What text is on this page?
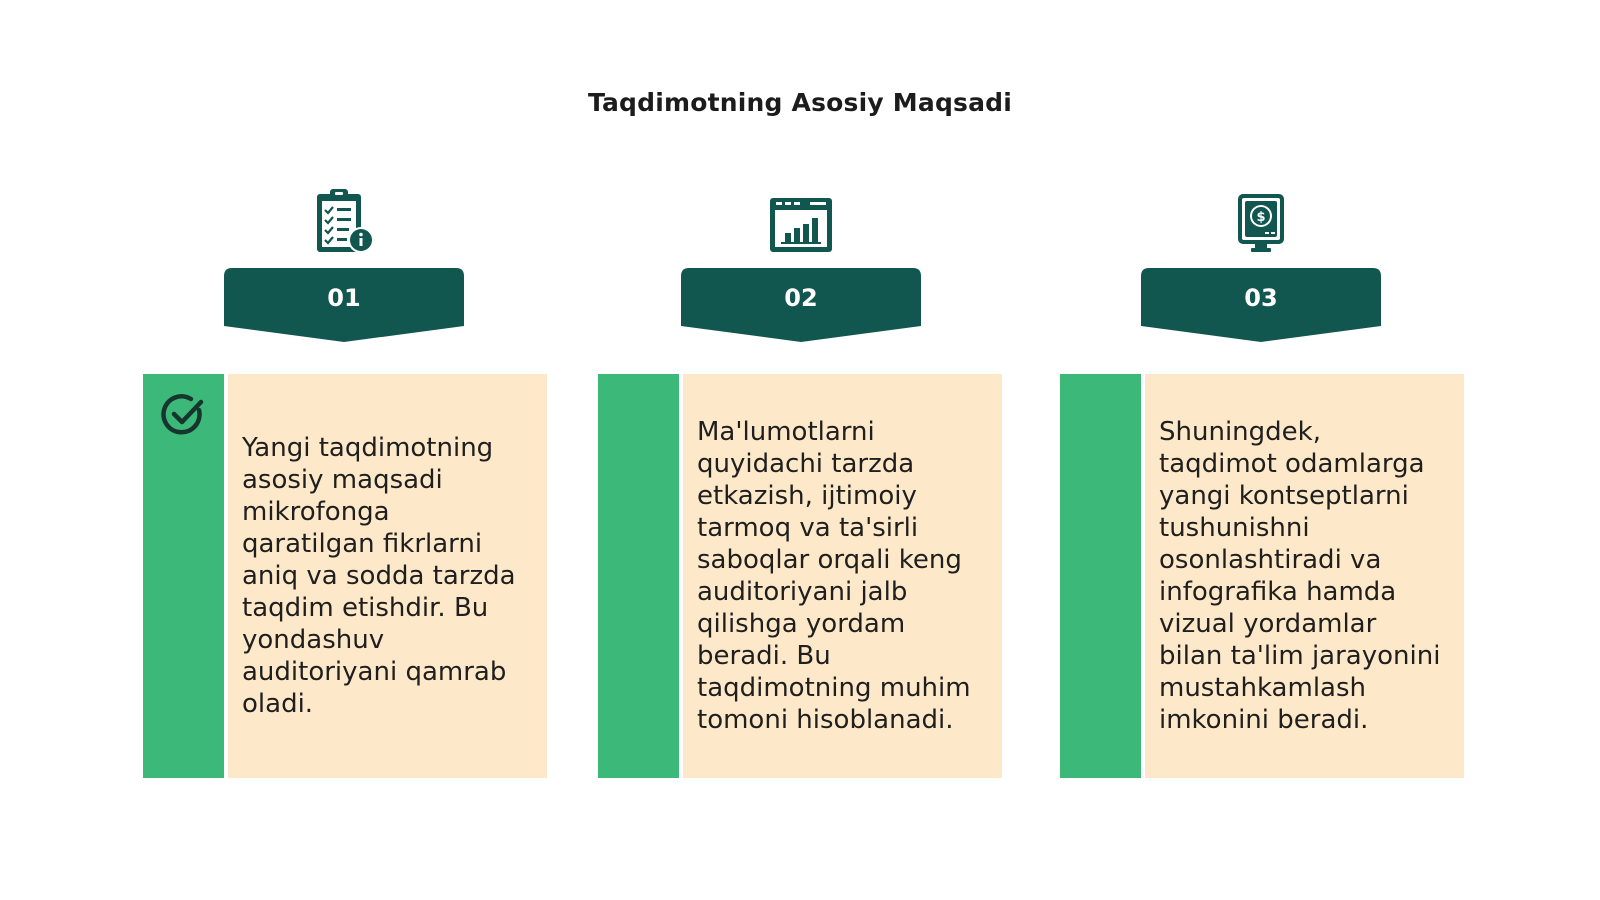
Taqdimotning Asosiy Maqsadi
01	02
$
03
Yangi taqdimotning asosiy maqsadi mikrofonga qaratilgan fikrlarni aniq va sodda tarzda taqdim etishdir. Bu yondashuv auditoriyani qamrab oladi.
Ma'lumotlarni quyidachi tarzda etkazish, ijtimoiy tarmoq va ta'sirli saboqlar orqali keng auditoriyani jalb qilishga yordam beradi. Bu taqdimotning muhim tomoni hisoblanadi.
Shuningdek, taqdimot odamlarga yangi kontseptlarni tushunishni osonlashtiradi va infografika hamda vizual yordamlar bilan ta'lim jarayonini mustahkamlash imkonini beradi.
